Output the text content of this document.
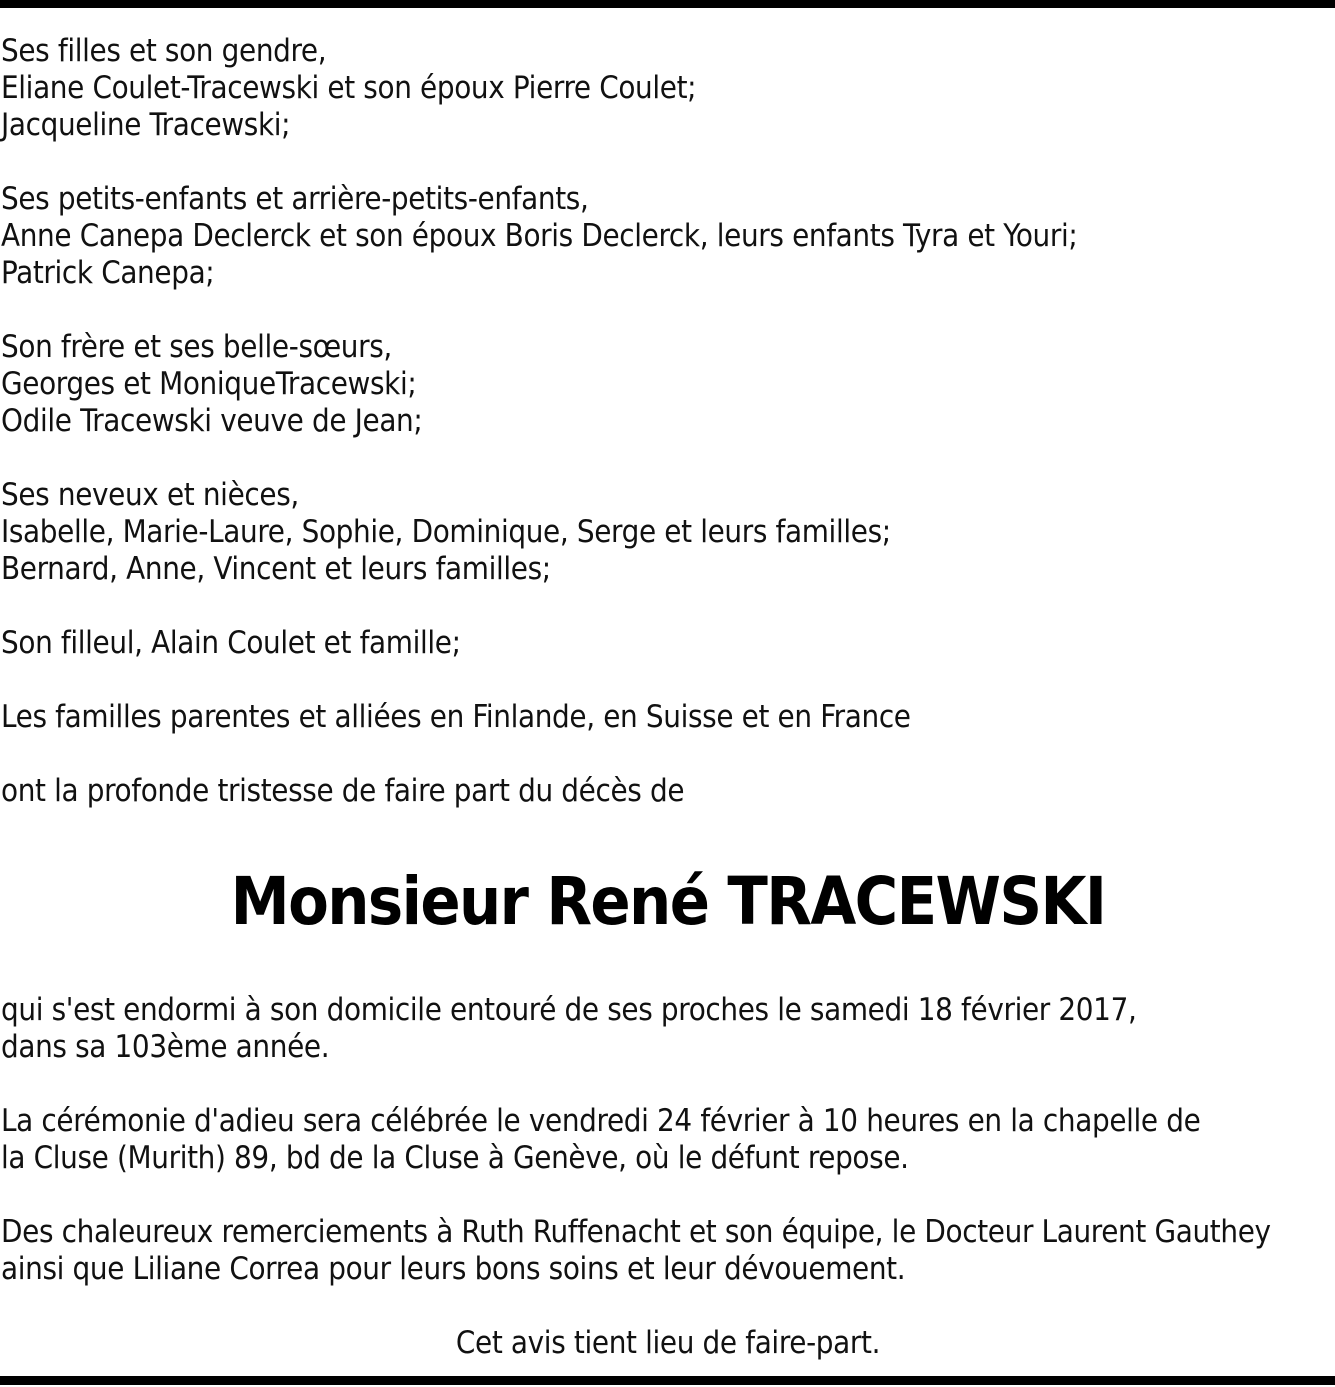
Ses filles et son gendre,
Eliane Coulet-Tracewski et son époux Pierre Coulet;
Jacqueline Tracewski;

Ses petits-enfants et arrière-petits-enfants,
Anne Canepa Declerck et son époux Boris Declerck, leurs enfants Tyra et Youri;
Patrick Canepa;

Son frère et ses belle-sœurs,
Georges et MoniqueTracewski;
Odile Tracewski veuve de Jean;

Ses neveux et nièces,
Isabelle, Marie-Laure, Sophie, Dominique, Serge et leurs familles;
Bernard, Anne, Vincent et leurs familles;

Son filleul, Alain Coulet et famille;

Les familles parentes et alliées en Finlande, en Suisse et en France

ont la profonde tristesse de faire part du décès de

Monsieur René TRACEWSKI

qui s'est endormi à son domicile entouré de ses proches le samedi 18 février 2017,
dans sa 103ème année.

La cérémonie d'adieu sera célébrée le vendredi 24 février à 10 heures en la chapelle de
la Cluse (Murith) 89, bd de la Cluse à Genève, où le défunt repose.

Des chaleureux remerciements à Ruth Ruffenacht et son équipe, le Docteur Laurent Gauthey
ainsi que Liliane Correa pour leurs bons soins et leur dévouement.

Cet avis tient lieu de faire-part.
